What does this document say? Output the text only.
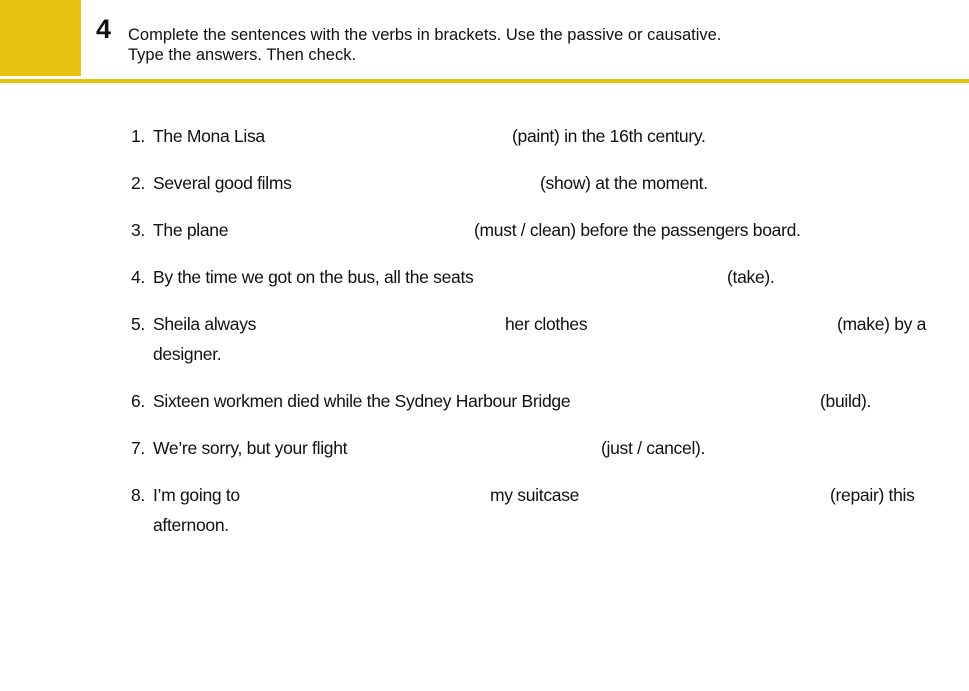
4 Complete the sentences with the verbs in brackets. Use the passive or causative.
Type the answers. Then check.
1. The Mona Lisa	(paint) in the 16th century.
2. Several good films	(show) at the moment.
3. The plane	(must / clean) before the passengers board.
4. By the time we got on the bus, all the seats	(take).
5. Sheila always	her clothes	(make) by a
designer.
6. Sixteen workmen died while the Sydney Harbour Bridge	(build).
7. We’re sorry, but your flight	(just / cancel).
8. I’m going to	my suitcase	(repair) this
afternoon.
